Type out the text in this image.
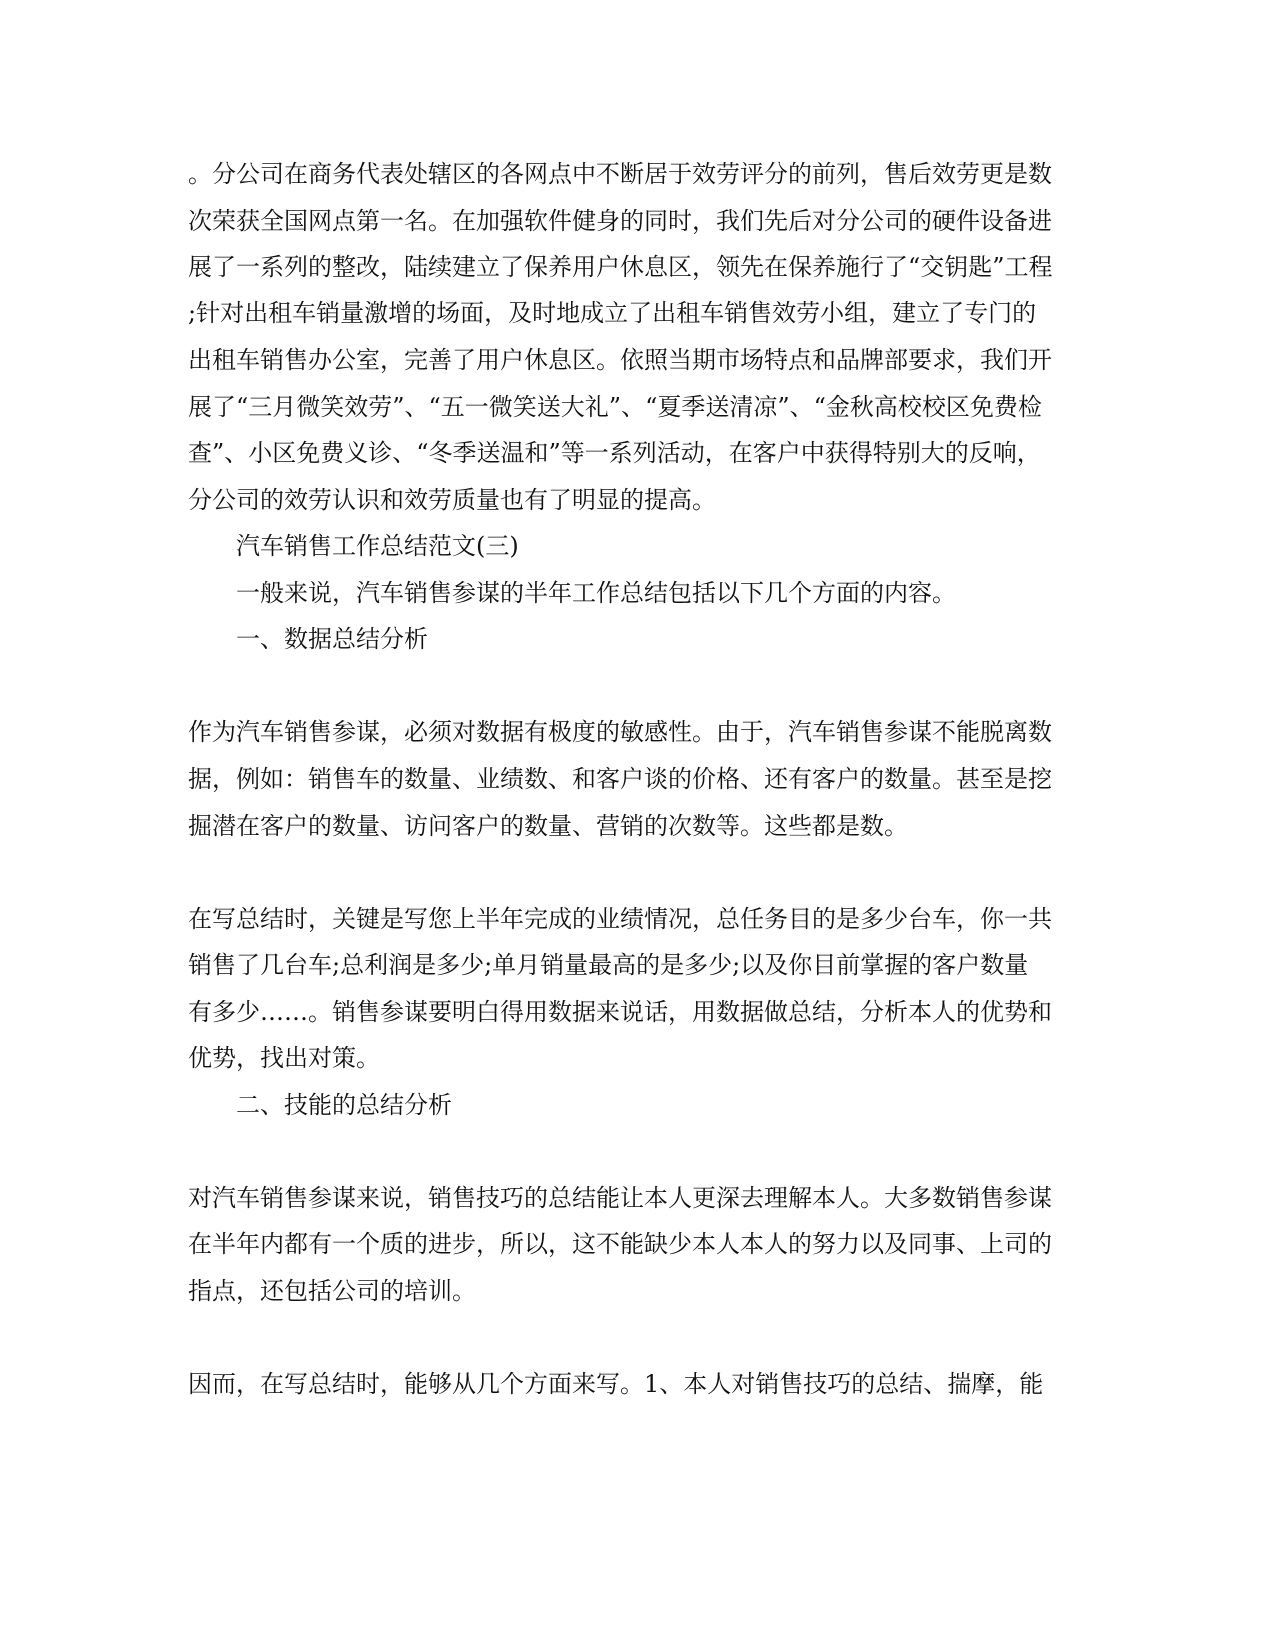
。分公司在商务代表处辖区的各网点中不断居于效劳评分的前列，售后效劳更是数
次荣获全国网点第一名。在加强软件健身的同时，我们先后对分公司的硬件设备进
展了一系列的整改，陆续建立了保养用户休息区，领先在保养施行了“交钥匙”工程
;针对出租车销量激增的场面，及时地成立了出租车销售效劳小组，建立了专门的
出租车销售办公室，完善了用户休息区。依照当期市场特点和品牌部要求，我们开
展了“三月微笑效劳”、“五一微笑送大礼”、“夏季送清凉”、“金秋高校校区免费检
查”、小区免费义诊、“冬季送温和”等一系列活动，在客户中获得特别大的反响，
分公司的效劳认识和效劳质量也有了明显的提高。
汽车销售工作总结范文(三)
一般来说，汽车销售参谋的半年工作总结包括以下几个方面的内容。
一、数据总结分析
作为汽车销售参谋，必须对数据有极度的敏感性。由于，汽车销售参谋不能脱离数
据，例如：销售车的数量、业绩数、和客户谈的价格、还有客户的数量。甚至是挖
掘潜在客户的数量、访问客户的数量、营销的次数等。这些都是数。
在写总结时，关键是写您上半年完成的业绩情况，总任务目的是多少台车，你一共
销售了几台车;总利润是多少;单月销量最高的是多少;以及你目前掌握的客户数量
有多少……。销售参谋要明白得用数据来说话，用数据做总结，分析本人的优势和
优势，找出对策。
二、技能的总结分析
对汽车销售参谋来说，销售技巧的总结能让本人更深去理解本人。大多数销售参谋
在半年内都有一个质的进步，所以，这不能缺少本人本人的努力以及同事、上司的
指点，还包括公司的培训。
因而，在写总结时，能够从几个方面来写。1、本人对销售技巧的总结、揣摩，能
